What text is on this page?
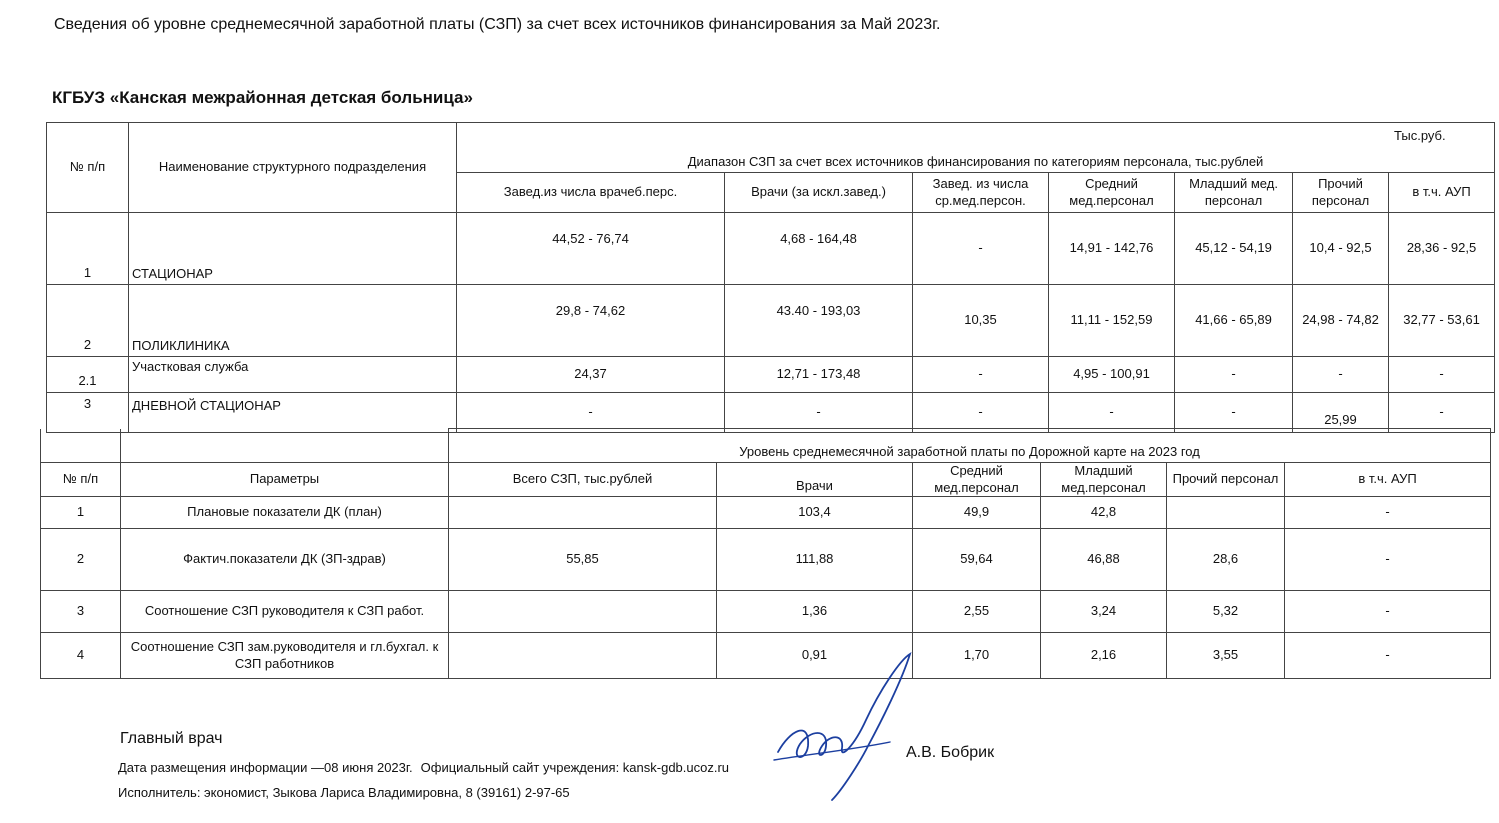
Сведения об уровне среднемесячной заработной платы (СЗП) за счет всех источников финансирования за Май 2023г.
КГБУЗ «Канская межрайонная детская больница»
Тыс.руб.
№ п/п	Наименование структурного подразделения	Диапазон СЗП за счет всех источников финансирования по категориям персонала, тыс.рублей						
		Завед.из числа врачеб.перс.	Врачи (за искл.завед.)	Завед. из числа ср.мед.персон.	Средний мед.персонал	Младший мед. персонал	Прочий персонал	в т.ч. АУП
1	СТАЦИОНАР	44,52 - 76,74	4,68 - 164,48	-	14,91 - 142,76	45,12 - 54,19	10,4 - 92,5	28,36 - 92,5
2	ПОЛИКЛИНИКА	29,8 - 74,62	43.40 - 193,03	10,35	11,11 - 152,59	41,66 - 65,89	24,98 - 74,82	32,77 - 53,61
2.1	Участковая служба	24,37	12,71 - 173,48	-	4,95 - 100,91	-	-	-
3	ДНЕВНОЙ СТАЦИОНАР	-	-	-	-	-	25,99	-
		Уровень среднемесячной заработной платы по Дорожной карте на 2023 год					
№ п/п	Параметры	Всего СЗП, тыс.рублей	Врачи	Средний мед.персонал	Младший мед.персонал	Прочий персонал	в т.ч. АУП
1	Плановые показатели ДК (план)		103,4	49,9	42,8		-
2	Фактич.показатели ДК (ЗП-здрав)	55,85	111,88	59,64	46,88	28,6	-
3	Соотношение СЗП руководителя к СЗП работ.		1,36	2,55	3,24	5,32	-
4	Соотношение СЗП зам.руководителя и гл.бухгал. к СЗП работников		0,91	1,70	2,16	3,55	-
Главный врач
А.В. Бобрик
Дата размещения информации —08 июня 2023г. Официальный сайт учреждения: kansk-gdb.ucoz.ru
Исполнитель: экономист, Зыкова Лариса Владимировна, 8 (39161) 2-97-65
